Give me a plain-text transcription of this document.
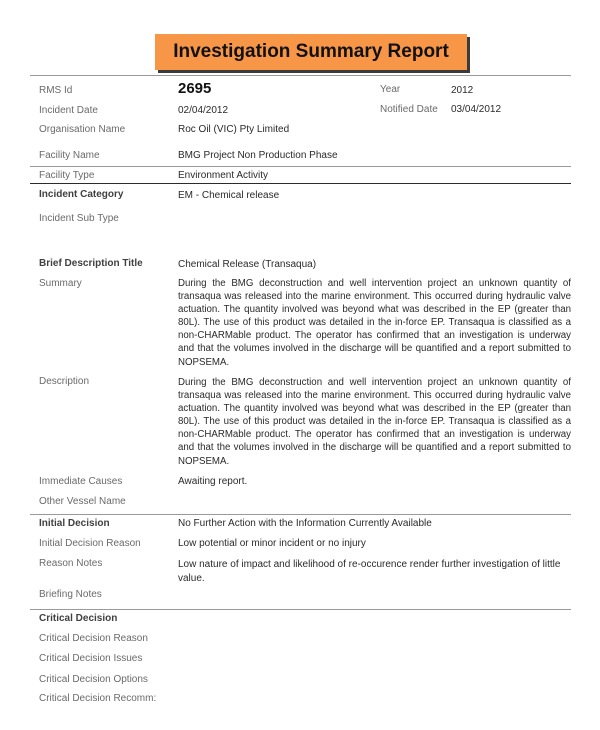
Investigation Summary Report
RMS Id	2695	Year	2012
Incident Date	02/04/2012	Notified Date 03/04/2012
Organisation Name	Roc Oil (VIC) Pty Limited
Facility Name	BMG Project Non Production Phase
Facility Type	Environment Activity
Incident Category	EM - Chemical release
Incident Sub Type
Brief Description Title	Chemical Release (Transaqua)
Summary	During the BMG deconstruction and well intervention project an unknown quantity of transaqua was released into the marine environment. This occurred during hydraulic valve actuation. The quantity involved was beyond what was described in the EP (greater than 80L). The use of this product was detailed in the in-force EP. Transaqua is classified as a non-CHARMable product. The operator has confirmed that an investigation is underway and that the volumes involved in the discharge will be quantified and a report submitted to NOPSEMA.
Description	During the BMG deconstruction and well intervention project an unknown quantity of transaqua was released into the marine environment. This occurred during hydraulic valve actuation. The quantity involved was beyond what was described in the EP (greater than 80L). The use of this product was detailed in the in-force EP. Transaqua is classified as a non-CHARMable product. The operator has confirmed that an investigation is underway and that the volumes involved in the discharge will be quantified and a report submitted to NOPSEMA.
Immediate Causes	Awaiting report.
Other Vessel Name
Initial Decision	No Further Action with the Information Currently Available
Initial Decision Reason	Low potential or minor incident or no injury
Reason Notes	Low nature of impact and likelihood of re-occurence render further investigation of little value.
Briefing Notes
Critical Decision
Critical Decision Reason
Critical Decision Issues
Critical Decision Options
Critical Decision Recomm:
